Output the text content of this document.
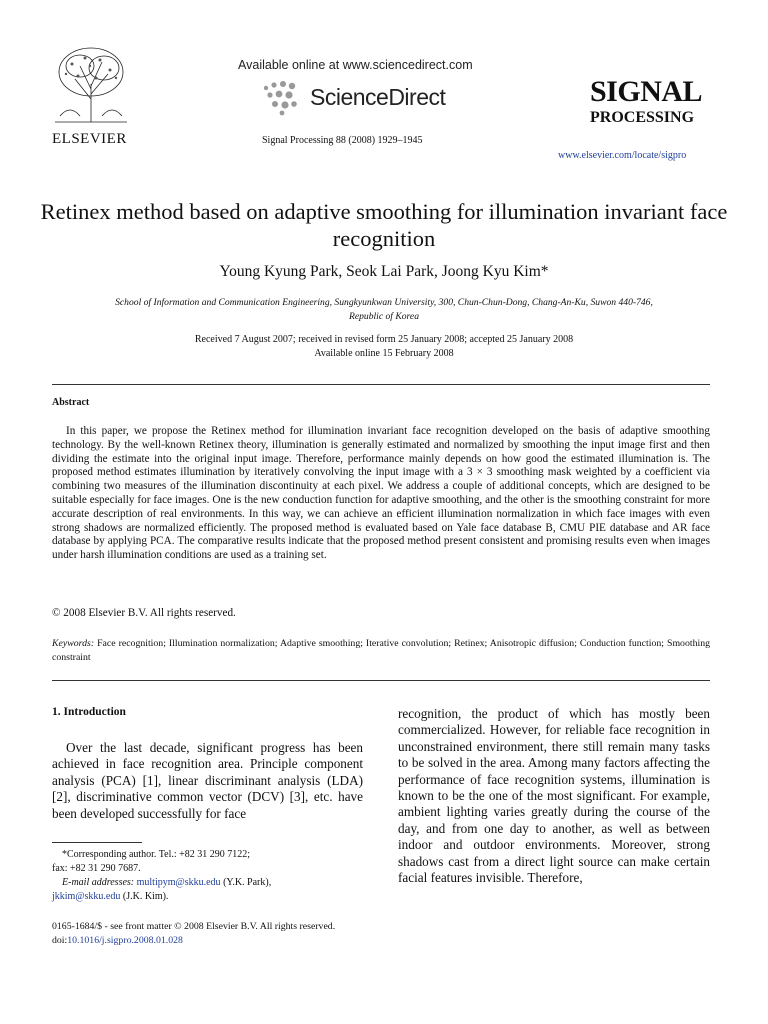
Available online at www.sciencedirect.com
ScienceDirect
Signal Processing 88 (2008) 1929–1945
ELSEVIER
SIGNAL
PROCESSING
www.elsevier.com/locate/sigpro
Retinex method based on adaptive smoothing for illumination invariant face recognition
Young Kyung Park, Seok Lai Park, Joong Kyu Kim*
School of Information and Communication Engineering, Sungkyunkwan University, 300, Chun-Chun-Dong, Chang-An-Ku, Suwon 440-746, Republic of Korea
Received 7 August 2007; received in revised form 25 January 2008; accepted 25 January 2008
Available online 15 February 2008
Abstract
In this paper, we propose the Retinex method for illumination invariant face recognition developed on the basis of adaptive smoothing technology. By the well-known Retinex theory, illumination is generally estimated and normalized by smoothing the input image first and then dividing the estimate into the original input image. Therefore, performance mainly depends on how good the estimated illumination is. The proposed method estimates illumination by iteratively convolving the input image with a 3 × 3 smoothing mask weighted by a coefficient via combining two measures of the illumination discontinuity at each pixel. We address a couple of additional concepts, which are designed to be suitable especially for face images. One is the new conduction function for adaptive smoothing, and the other is the smoothing constraint for more accurate description of real environments. In this way, we can achieve an efficient illumination normalization in which face images with even strong shadows are normalized efficiently. The proposed method is evaluated based on Yale face database B, CMU PIE database and AR face database by applying PCA. The comparative results indicate that the proposed method present consistent and promising results even when images under harsh illumination conditions are used as a training set.
© 2008 Elsevier B.V. All rights reserved.
Keywords: Face recognition; Illumination normalization; Adaptive smoothing; Iterative convolution; Retinex; Anisotropic diffusion; Conduction function; Smoothing constraint
1. Introduction
Over the last decade, significant progress has been achieved in face recognition area. Principle component analysis (PCA) [1], linear discriminant analysis (LDA) [2], discriminative common vector (DCV) [3], etc. have been developed successfully for face
recognition, the product of which has mostly been commercialized. However, for reliable face recognition in unconstrained environment, there still remain many tasks to be solved in the area. Among many factors affecting the performance of face recognition systems, illumination is known to be the one of the most significant. For example, ambient lighting varies greatly during the course of the day, and from one day to another, as well as between indoor and outdoor environments. Moreover, strong shadows cast from a direct light source can make certain facial features invisible. Therefore,
*Corresponding author. Tel.: +82 31 290 7122;
fax: +82 31 290 7687.
E-mail addresses: multipym@skku.edu (Y.K. Park),
jkkim@skku.edu (J.K. Kim).
0165-1684/$ - see front matter © 2008 Elsevier B.V. All rights reserved.
doi:10.1016/j.sigpro.2008.01.028
